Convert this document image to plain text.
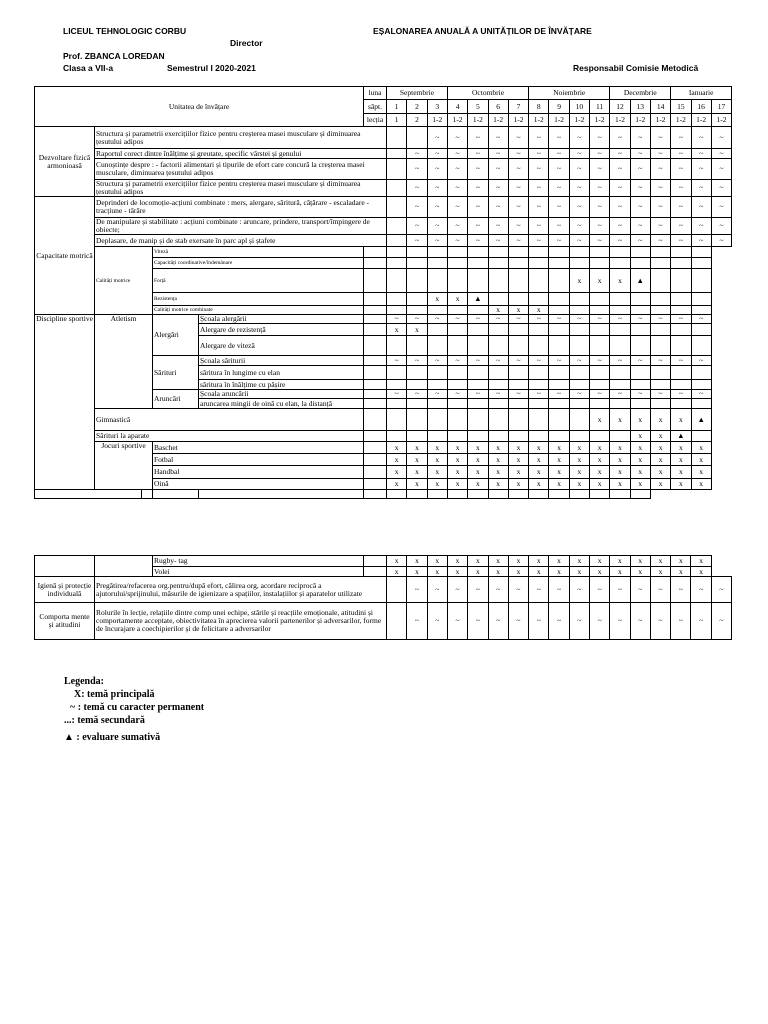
LICEUL TEHNOLOGIC CORBU	EȘALONAREA ANUALĂ A UNITĂȚILOR DE ÎNVĂȚARE
Director
Prof. ZBANCA LOREDAN
Clasa a VII-a	Semestrul I 2020-2021	Responsabil Comisie Metodică
Unitatea de învățare					luna	Septembrie			Octombrie				Noiembrie				Decembrie			Ianuarie		
					săpt.	1	2	3	4	5	6	7	8	9	10	11	12	13	14	15	16	17
					lecția	1	2	1-2	1-2	1-2	1-2	1-2	1-2	1-2	1-2	1-2	1-2	1-2	1-2	1-2	1-2	1-2
Dezvoltare fizică armonioasă	Structura și parametrii exercițiilor fizice pentru creșterea masei musculare și diminuarea țesutului adipos							~	~	~	~	~	~	~	~	~	~	~	~	~	~	~
	Raportul corect dintre înălțime și greutate, specific vârstei și genului						~	~	~	~	~	~	~	~	~	~	~	~	~	~	~	~
	Cunoștințe despre : - factorii alimentari și tipurile de efort care concură la creșterea masei musculare, diminuarea țesutului adipos						~	~	~	~	~	~	~	~	~	~	~	~	~	~	~	~
	Structura și parametrii exercițiilor fizice pentru creșterea masei musculare și diminuarea țesutului adipos						~	~	~	~	~	~	~	~	~	~	~	~	~	~	~	~
Capacitate motrică	Deprinderi de locomoție-acțiuni combinate : mers, alergare, săritură, cățărare - escaladare - tracțiune - târâre						~	~	~	~	~	~	~	~	~	~	~	~	~	~	~	~
	De manipulare și stabilitate : acțiuni combinate : aruncare, prindere, transport/împingere de obiecte;						~	~	~	~	~	~	~	~	~	~	~	~	~	~	~	~
	Deplasare, de manip și de stab exersate în parc apl și ștafete						~	~	~	~	~	~	~	~	~	~	~	~	~	~	~	~
	Calități motrice		Viteză																			
			Capacități coordinative/îndemânare																			
			Forță												x	x	x	▲				
			Rezistența					x	x	▲												
			Calități motrice combinate								x	x	x									
Discipline sportive	Atletism		Alergări	Școala alergării		~	~	~	~	~	~	~	~	~	~	~	~	~	~	~	~	
				Alergare de rezistență		x	x															
				Alergare de viteză																		
			Sărituri	Școala săriturii		~	~	~	~	~	~	~	~	~	~	~	~	~	~	~	~	
				săritura în lungime cu elan																		
				săritura în înălțime cu pășire																		
			Aruncări	Școala aruncării		~	~	~	~	~	~	~	~	~	~	~	~	~	~	~	~	
				aruncarea mingii de oină cu elan, la distanță																		
	Gimnastică															x	x	x	x	x	▲	
	Sărituri la aparate																	x	x	▲		
	Jocuri sportive		Baschet			x	x	x	x	x	x	x	x	x	x	x	x	x	x	x	x	
			Fotbal			x	x	x	x	x	x	x	x	x	x	x	x	x	x	x	x	
			Handbal			x	x	x	x	x	x	x	x	x	x	x	x	x	x	x	x	
			Oină			x	x	x	x	x	x	x	x	x	x	x	x	x	x	x	x	

		Rugby- tag		x	x	x	x	x	x	x	x	x	x	x	x	x	x	x	x	
		Volei		x	x	x	x	x	x	x	x	x	x	x	x	x	x	x	x	
Igienă și protecție individuală	Pregătirea/refacerea org.pentru/după efort, călirea org, acordare reciprocă a ajutorului/sprijinului, măsurile de igienizare a spațiilor, instalațiilor și aparatelor utilizate				~	~	~	~	~	~	~	~	~	~	~	~	~	~	~	~
Comporta mente și atitudini	Rolurile în lecție, relațiile dintre comp unei echipe, stările și reacțiile emoționale, atitudini și comportamente acceptate, obiectivitatea în aprecierea valorii partenerilor și adversarilor, forme de încurajare a coechipierilor și de felicitare a adversarilor				~	~	~	~	~	~	~	~	~	~	~	~	~	~	~	~
Legenda:
X: temă principală
~ : temă cu caracter permanent
...: temă secundară
▲ : evaluare sumativă
